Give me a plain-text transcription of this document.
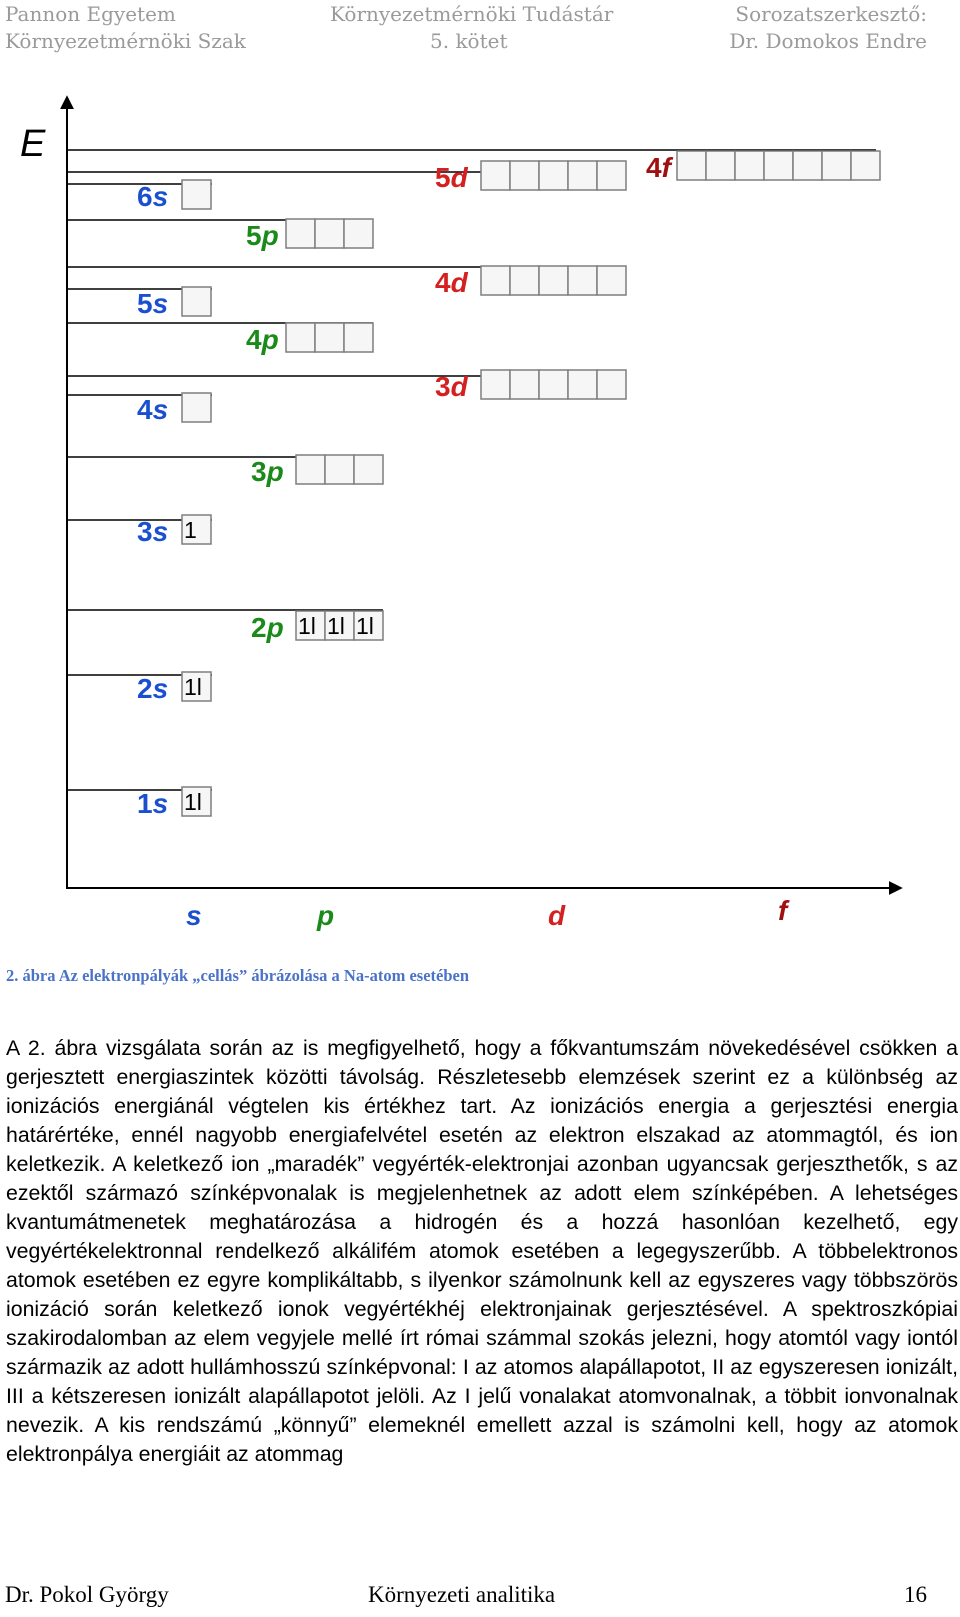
Pannon Egyetem
Környezetmérnöki Szak
Környezetmérnöki Tudástár
5. kötet
Sorozatszerkesztő:
Dr. Domokos Endre
E
s	p	d	f
1s 1l
2s 1l
2p 1l 1l 1l
3s 1
3p
4s
3d
4p
5s
4d
5p
6s
5d	4f
2. ábra Az elektronpályák „cellás” ábrázolása a Na-atom esetében

A 2. ábra vizsgálata során az is megfigyelhető, hogy a főkvantumszám növekedésével csökken a gerjesztett energiaszintek közötti távolság. Részletesebb elemzések szerint ez a különbség az ionizációs energiánál végtelen kis értékhez tart. Az ionizációs energia a gerjesztési energia határértéke, ennél nagyobb energiafelvétel esetén az elektron elszakad az atommagtól, és ion keletkezik. A keletkező ion „maradék” vegyérték-elektronjai azonban ugyancsak gerjeszthetők, s az ezektől származó színképvonalak is megjelenhetnek az adott elem színképében. A lehetséges kvantumátmenetek meghatározása a hidrogén és a hozzá hasonlóan kezelhető, egy vegyértékelektronnal rendelkező alkálifém atomok esetében a legegyszerűbb. A többelektronos atomok esetében ez egyre komplikáltabb, s ilyenkor számolnunk kell az egyszeres vagy többszörös ionizáció során keletkező ionok vegyértékhéj elektronjainak gerjesztésével. A spektroszkópiai szakirodalomban az elem vegyjele mellé írt római számmal szokás jelezni, hogy atomtól vagy iontól származik az adott hullámhosszú színképvonal: I az atomos alapállapotot, II az egyszeresen ionizált, III a kétszeresen ionizált alapállapotot jelöli. Az I jelű vonalakat atomvonalnak, a többit ionvonalnak nevezik. A kis rendszámú „könnyű” elemeknél emellett azzal is számolni kell, hogy az atomok elektronpálya energiáit az atommag

Dr. Pokol György	Környezeti analitika	16
